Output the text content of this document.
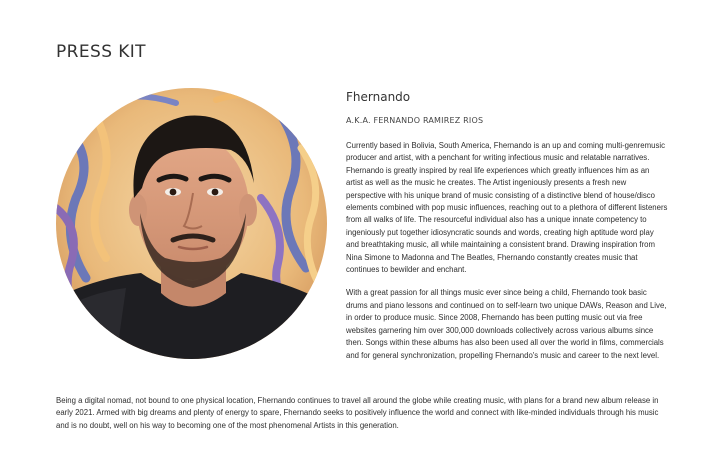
PRESS KIT
Fhernando

A.K.A. FERNANDO RAMIREZ RIOS

Currently based in Bolivia, South America, Fhernando is an up and coming multi-genremusic producer and artist, with a penchant for writing infectious music and relatable narratives. Fhernando is greatly inspired by real life experiences which greatly influences him as an artist as well as the music he creates. The Artist ingeniously presents a fresh new perspective with his unique brand of music consisting of a distinctive blend of house/disco elements combined with pop music influences, reaching out to a plethora of different listeners from all walks of life. The resourceful individual also has a unique innate competency to ingeniously put together idiosyncratic sounds and words, creating high aptitude word play and breathtaking music, all while maintaining a consistent brand. Drawing inspiration from Nina Simone to Madonna and The Beatles, Fhernando constantly creates music that continues to bewilder and enchant.

With a great passion for all things music ever since being a child, Fhernando took basic drums and piano lessons and continued on to self-learn two unique DAWs, Reason and Live, in order to produce music. Since 2008, Fhernando has been putting music out via free websites garnering him over 300,000 downloads collectively across various albums since then. Songs within these albums has also been used all over the world in films, commercials and for general synchronization, propelling Fhernando's music and career to the next level.

Being a digital nomad, not bound to one physical location, Fhernando continues to travel all around the globe while creating music, with plans for a brand new album release in early 2021. Armed with big dreams and plenty of energy to spare, Fhernando seeks to positively influence the world and connect with like-minded individuals through his music and is no doubt, well on his way to becoming one of the most phenomenal Artists in this generation.
